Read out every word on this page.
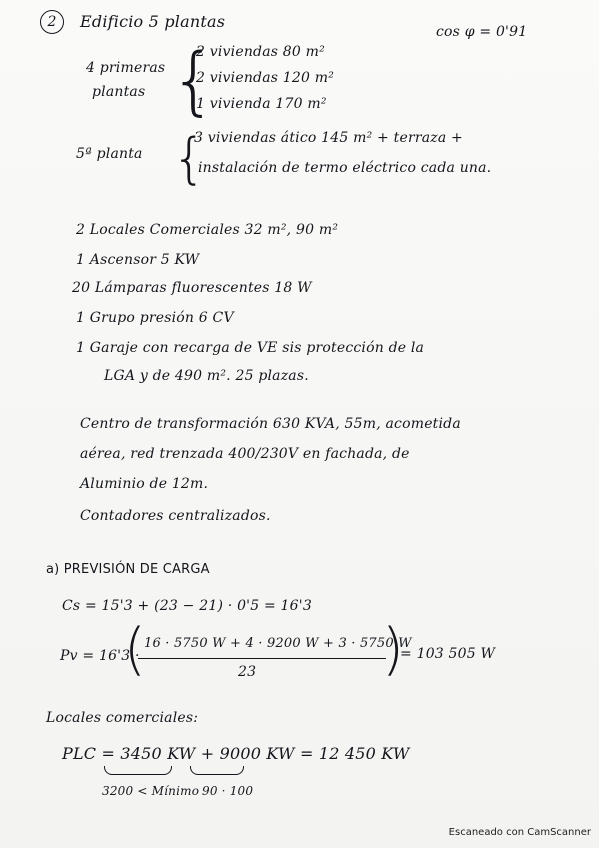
2	Edificio 5 plantas
cos φ = 0'91
4 primeras
plantas {
2 viviendas 80 m²
2 viviendas 120 m²
1 vivienda 170 m²
5ª planta {
3 viviendas ático 145 m² + terraza +
instalación de termo eléctrico cada una.
2 Locales Comerciales 32 m², 90 m²
1 Ascensor 5 KW
20 Lámparas fluorescentes 18 W
1 Grupo presión 6 CV
1 Garaje con recarga de VE sis protección de la
LGA y de 490 m². 25 plazas.
Centro de transformación 630 KVA, 55m, acometida
aérea, red trenzada 400/230V en fachada, de
Aluminio de 12m.
Contadores centralizados.
a) PREVISIÓN DE CARGA
Cs = 15'3 + (23 − 21) · 0'5 = 16'3
Pv = 16'3 ·
(
16 · 5750 W + 4 · 9200 W + 3 · 5750 W
23 )
= 103 505 W
Locales comerciales:
PLC = 3450 KW + 9000 KW = 12 450 KW
3200 < Mínimo 90 · 100
Escaneado con CamScanner
